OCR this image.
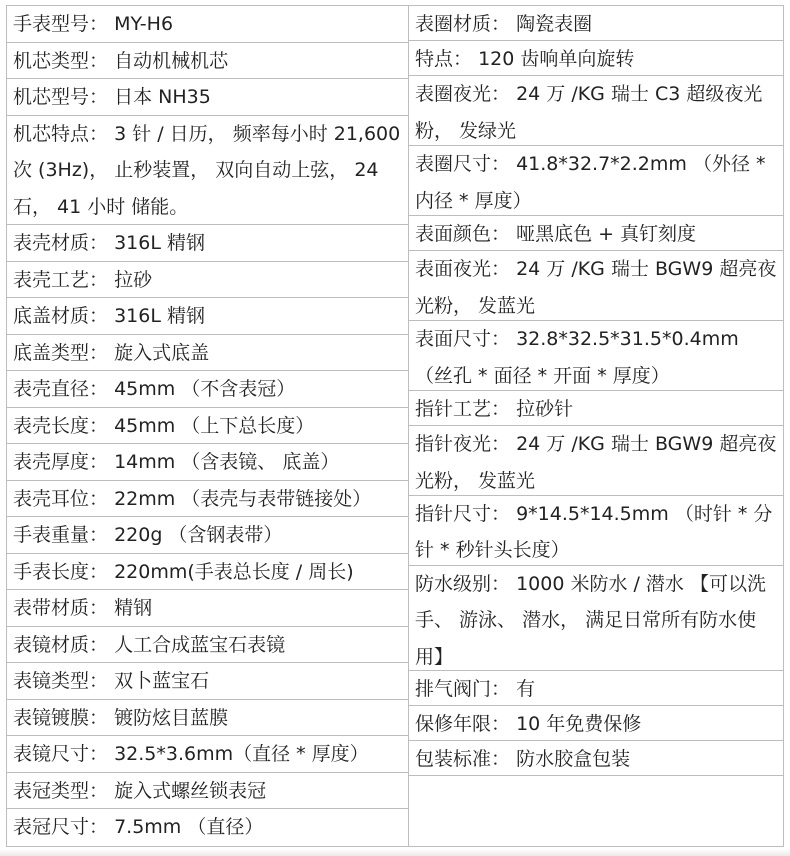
手表型号： MY-H6
机芯类型： 自动机械机芯
机芯型号： 日本 NH35
机芯特点： 3 针 / 日历， 频率每小时 21,600 次 (3Hz)， 止秒装置， 双向自动上弦， 24 石， 41 小时 储能。
表壳材质： 316L 精钢
表壳工艺： 拉砂
底盖材质： 316L 精钢
底盖类型： 旋入式底盖
表壳直径： 45mm （不含表冠）
表壳长度： 45mm （上下总长度）
表壳厚度： 14mm （含表镜、 底盖）
表壳耳位： 22mm （表壳与表带链接处）
手表重量： 220g （含钢表带）
手表长度： 220mm(手表总长度 / 周长)
表带材质： 精钢
表镜材质： 人工合成蓝宝石表镜
表镜类型： 双卜蓝宝石
表镜镀膜： 镀防炫目蓝膜
表镜尺寸： 32.5*3.6mm（直径 * 厚度）
表冠类型： 旋入式螺丝锁表冠
表冠尺寸： 7.5mm （直径）
表圈材质： 陶瓷表圈
特点： 120 齿响单向旋转
表圈夜光： 24 万 /KG 瑞士 C3 超级夜光粉， 发绿光
表圈尺寸： 41.8*32.7*2.2mm （外径 * 内径 * 厚度）
表面颜色： 哑黑底色 + 真钉刻度
表面夜光： 24 万 /KG 瑞士 BGW9 超亮夜光粉， 发蓝光
表面尺寸： 32.8*32.5*31.5*0.4mm （丝孔 * 面径 * 开面 * 厚度）
指针工艺： 拉砂针
指针夜光： 24 万 /KG 瑞士 BGW9 超亮夜光粉， 发蓝光
指针尺寸： 9*14.5*14.5mm （时针 * 分针 * 秒针头长度）
防水级别： 1000 米防水 / 潜水 【可以洗手、 游泳、 潜水， 满足日常所有防水使用】
排气阀门： 有
保修年限： 10 年免费保修
包装标准： 防水胶盒包装
